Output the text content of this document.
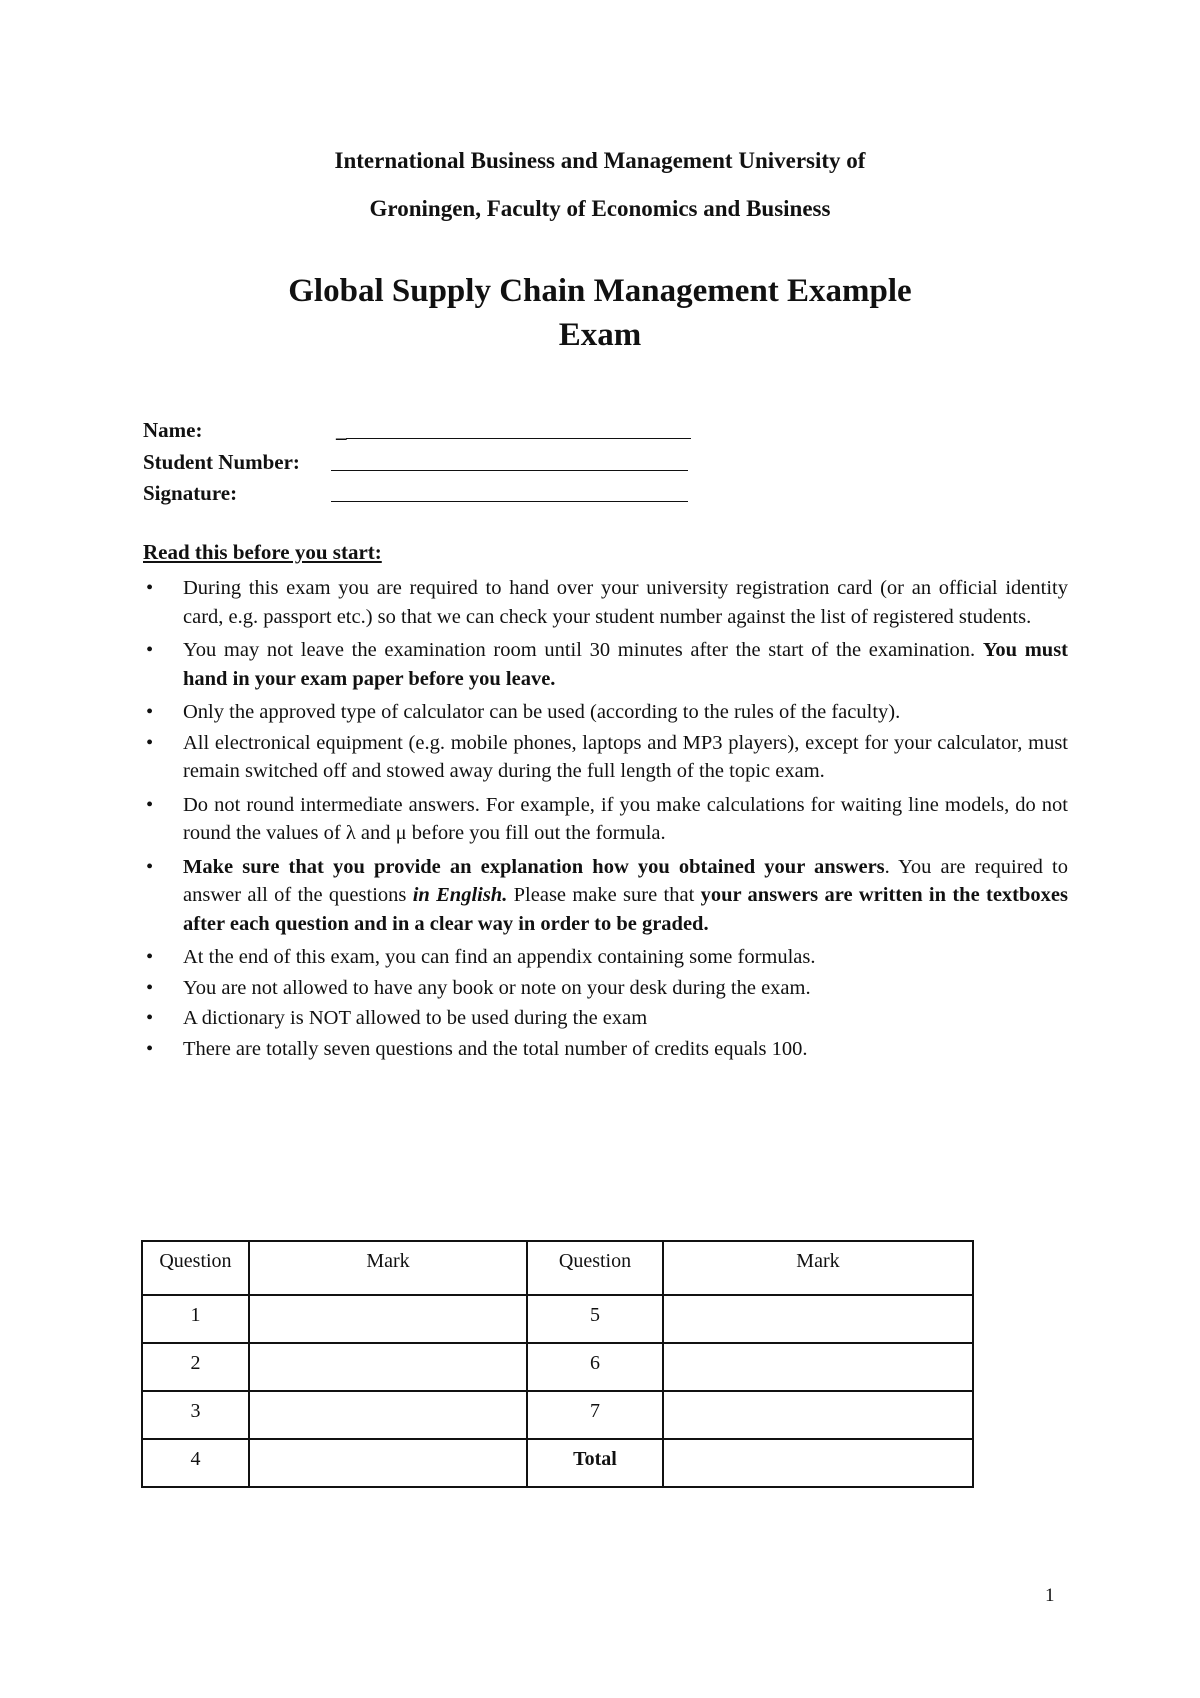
International Business and Management University of
Groningen, Faculty of Economics and Business
Global Supply Chain Management Example
Exam
Name:	_
Student Number:
Signature:
Read this before you start:
• During this exam you are required to hand over your university registration card (or an official identity card, e.g. passport etc.) so that we can check your student number against the list of registered students.
• You may not leave the examination room until 30 minutes after the start of the examination. You must hand in your exam paper before you leave.
• Only the approved type of calculator can be used (according to the rules of the faculty).
• All electronical equipment (e.g. mobile phones, laptops and MP3 players), except for your calculator, must remain switched off and stowed away during the full length of the topic exam.
• Do not round intermediate answers. For example, if you make calculations for waiting line models, do not round the values of λ and μ before you fill out the formula.
• Make sure that you provide an explanation how you obtained your answers. You are required to answer all of the questions in English. Please make sure that your answers are written in the textboxes after each question and in a clear way in order to be graded.
• At the end of this exam, you can find an appendix containing some formulas.
• You are not allowed to have any book or note on your desk during the exam.
• A dictionary is NOT allowed to be used during the exam
• There are totally seven questions and the total number of credits equals 100.
Question	Mark	Question	Mark
1		5	
2		6	
3		7	
4		Total	
1
